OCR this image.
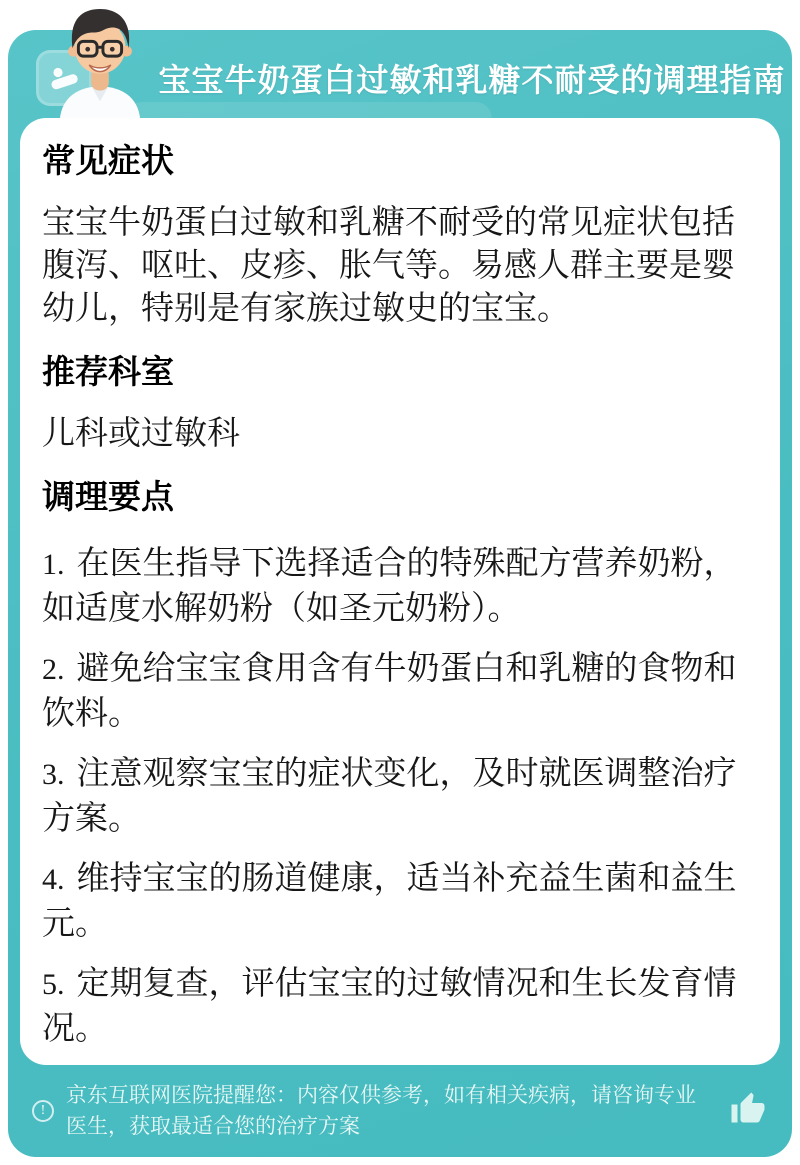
宝宝牛奶蛋白过敏和乳糖不耐受的调理指南
!
京东互联网医院提醒您：内容仅供参考，如有相关疾病，请咨询专业医生，获取最适合您的治疗方案
常见症状

宝宝牛奶蛋白过敏和乳糖不耐受的常见症状包括腹泻、呕吐、皮疹、胀气等。易感人群主要是婴幼儿，特别是有家族过敏史的宝宝。

推荐科室

儿科或过敏科

调理要点

1. 在医生指导下选择适合的特殊配方营养奶粉，如适度水解奶粉（如圣元奶粉）。

2. 避免给宝宝食用含有牛奶蛋白和乳糖的食物和饮料。

3. 注意观察宝宝的症状变化，及时就医调整治疗方案。

4. 维持宝宝的肠道健康，适当补充益生菌和益生元。

5. 定期复查，评估宝宝的过敏情况和生长发育情况。
